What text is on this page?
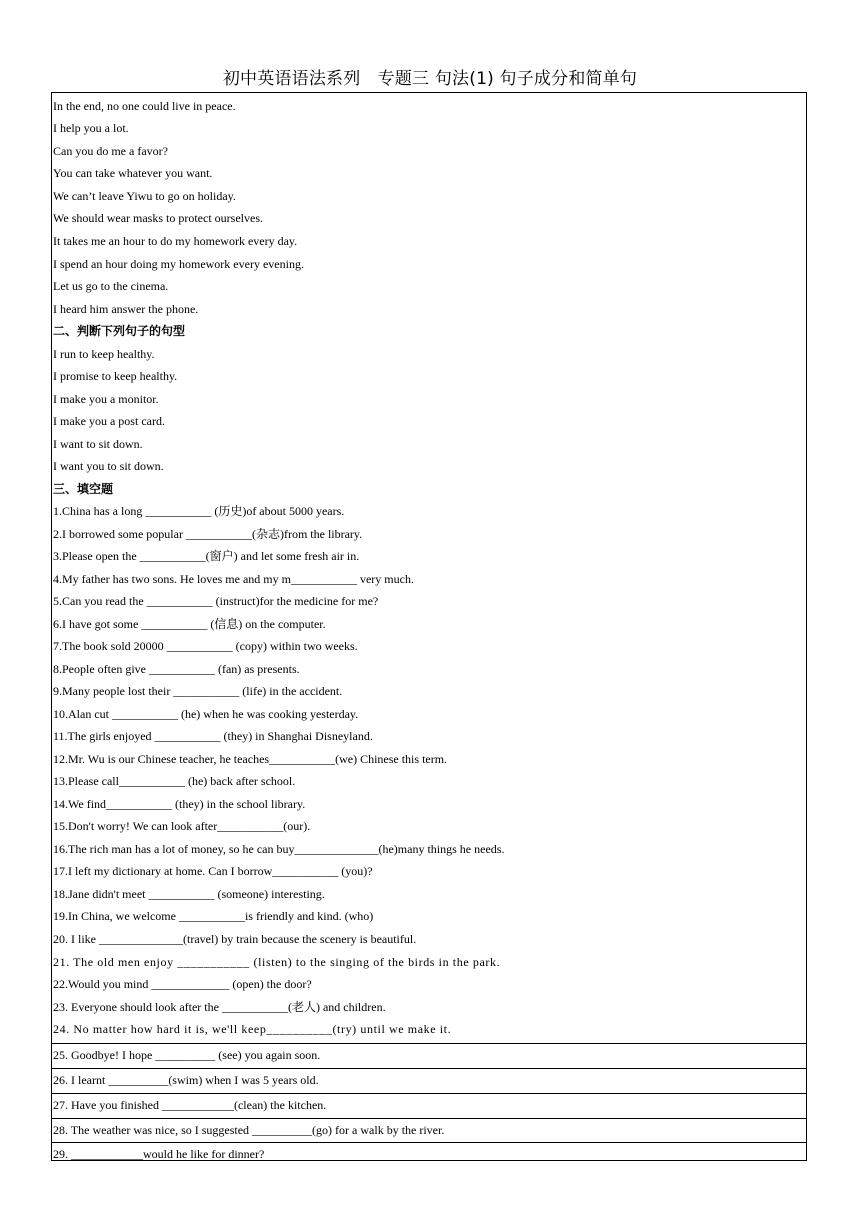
初中英语语法系列　专题三 句法(1) 句子成分和简单句
In the end, no one could live in peace.
I help you a lot.
Can you do me a favor?
You can take whatever you want.
We can’t leave Yiwu to go on holiday.
We should wear masks to protect ourselves.
It takes me an hour to do my homework every day.
I spend an hour doing my homework every evening.
Let us go to the cinema.
I heard him answer the phone.
二、判断下列句子的句型
I run to keep healthy.
I promise to keep healthy.
I make you a monitor.
I make you a post card.
I want to sit down.
I want you to sit down.
三、填空题
1.China has a long ___________ (历史)of about 5000 years.
2.I borrowed some popular ___________(杂志)from the library.
3.Please open the ___________(窗户) and let some fresh air in.
4.My father has two sons. He loves me and my m___________ very much.
5.Can you read the ___________ (instruct)for the medicine for me?
6.I have got some ___________ (信息) on the computer.
7.The book sold 20000 ___________ (copy) within two weeks.
8.People often give ___________ (fan) as presents.
9.Many people lost their ___________ (life) in the accident.
10.Alan cut ___________ (he) when he was cooking yesterday.
11.The girls enjoyed ___________ (they) in Shanghai Disneyland.
12.Mr. Wu is our Chinese teacher, he teaches___________(we) Chinese this term.
13.Please call___________ (he) back after school.
14.We find___________ (they) in the school library.
15.Don't worry! We can look after___________(our).
16.The rich man has a lot of money, so he can buy______________(he)many things he needs.
17.I left my dictionary at home. Can I borrow___________ (you)?
18.Jane didn't meet ___________ (someone) interesting.
19.In China, we welcome ___________is friendly and kind. (who)
20. I like ______________(travel) by train because the scenery is beautiful.
21. The old men enjoy ___________ (listen) to the singing of the birds in the park.
22.Would you mind _____________ (open) the door?
23. Everyone should look after the ___________(老人) and children.
24. No matter how hard it is, we'll keep__________(try) until we make it.
25. Goodbye! I hope __________ (see) you again soon.
26. I learnt __________(swim) when I was 5 years old.
27. Have you finished ____________(clean) the kitchen.
28. The weather was nice, so I suggested __________(go) for a walk by the river.
29. ____________would he like for dinner?
